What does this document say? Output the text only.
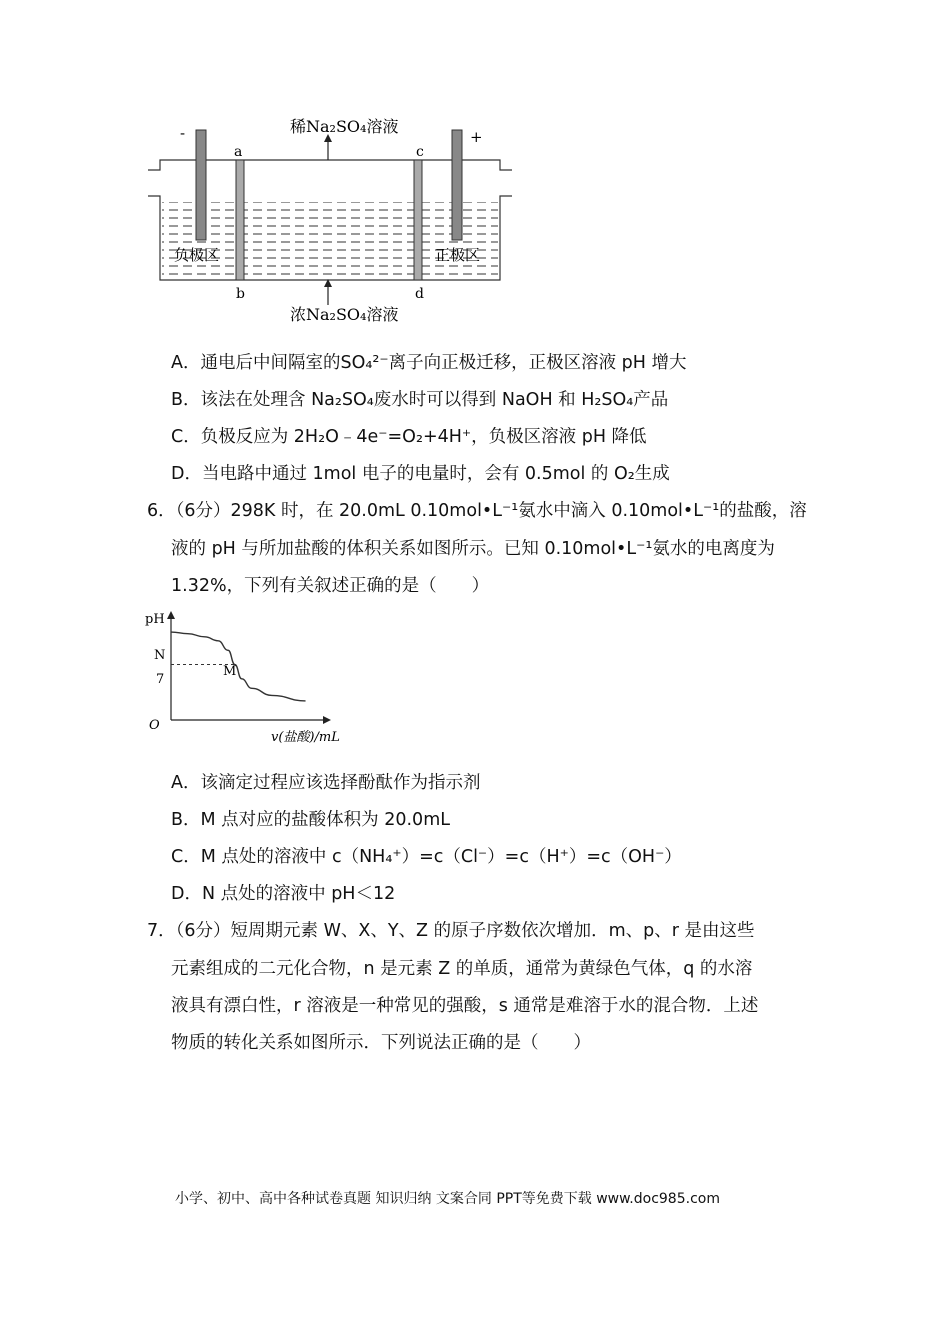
稀Na₂SO₄溶液
浓Na₂SO₄溶液
负极区	正极区
-	+
a
b
c
d
A．通电后中间隔室的SO₄²⁻离子向正极迁移，正极区溶液 pH 增大
B．该法在处理含 Na₂SO₄废水时可以得到 NaOH 和 H₂SO₄产品
C．负极反应为 2H₂O﹣4e⁻=O₂+4H⁺，负极区溶液 pH 降低
D．当电路中通过 1mol 电子的电量时，会有 0.5mol 的 O₂生成
6．（6分）298K 时，在 20.0mL 0.10mol•L⁻¹氨水中滴入 0.10mol•L⁻¹的盐酸，溶
液的 pH 与所加盐酸的体积关系如图所示。已知 0.10mol•L⁻¹氨水的电离度为
1.32%，下列有关叙述正确的是（　　）
pH
v(盐酸)/mL
O
N
7
M
A．该滴定过程应该选择酚酞作为指示剂
B．M 点对应的盐酸体积为 20.0mL
C．M 点处的溶液中 c（NH₄⁺）=c（Cl⁻）=c（H⁺）=c（OH⁻）
D．N 点处的溶液中 pH＜12
7．（6分）短周期元素 W、X、Y、Z 的原子序数依次增加．m、p、r 是由这些
元素组成的二元化合物，n 是元素 Z 的单质，通常为黄绿色气体，q 的水溶
液具有漂白性，r 溶液是一种常见的强酸，s 通常是难溶于水的混合物．上述
物质的转化关系如图所示．下列说法正确的是（　　）
小学、初中、高中各种试卷真题 知识归纳 文案合同 PPT等免费下载 www.doc985.com
